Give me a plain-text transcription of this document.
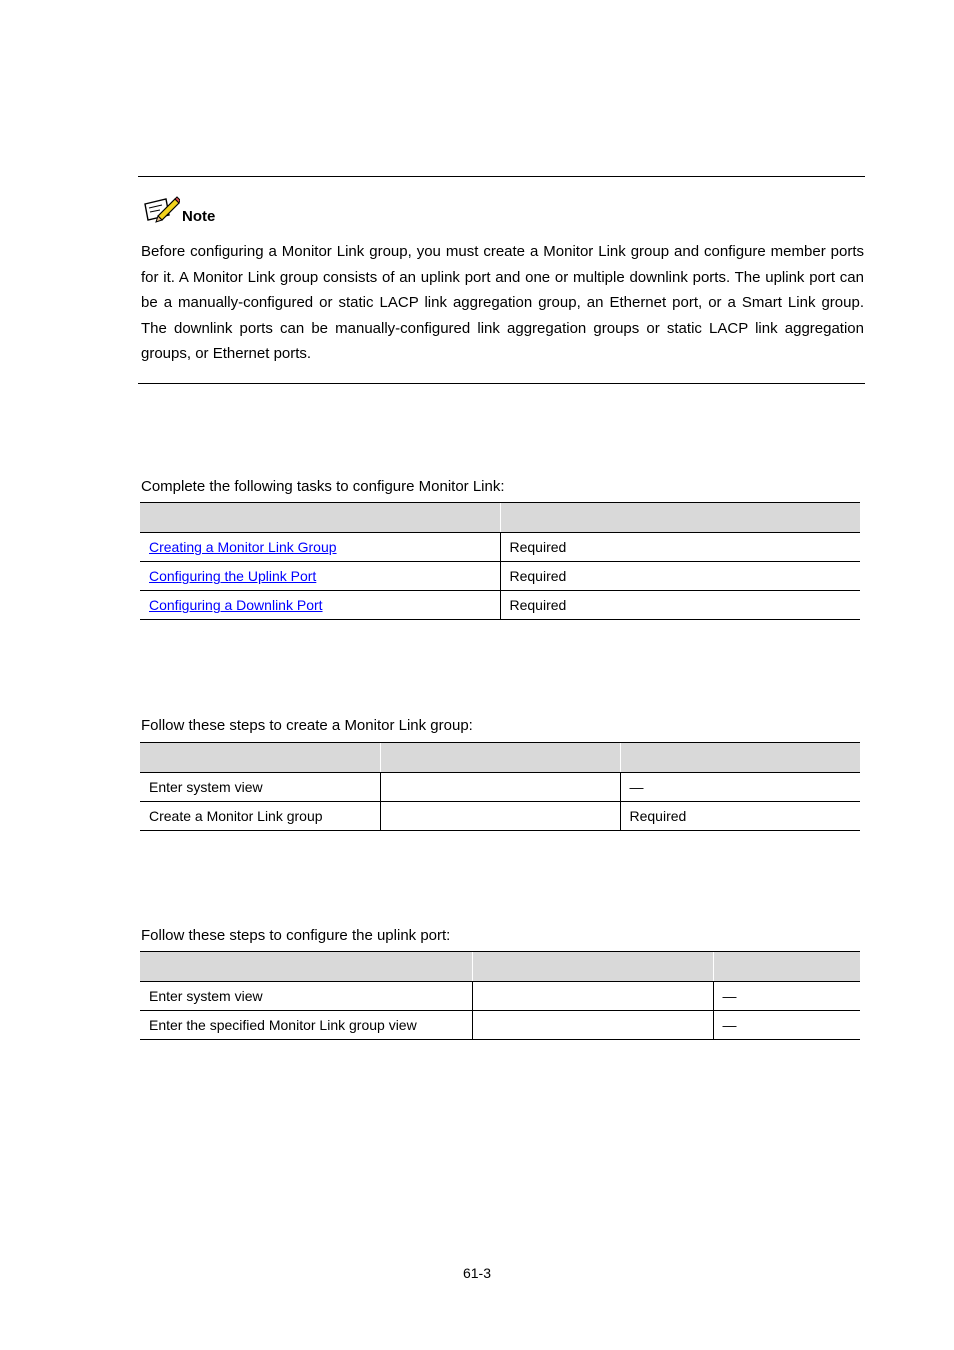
Note

Before configuring a Monitor Link group, you must create a Monitor Link group and configure member ports for it. A Monitor Link group consists of an uplink port and one or multiple downlink ports. The uplink port can be a manually-configured or static LACP link aggregation group, an Ethernet port, or a Smart Link group. The downlink ports can be manually-configured link aggregation groups or static LACP link aggregation groups, or Ethernet ports.

Complete the following tasks to configure Monitor Link:

Creating a Monitor Link Group	Required
Configuring the Uplink Port	Required
Configuring a Downlink Port	Required
Follow these steps to create a Monitor Link group:

Enter system view		—
Create a Monitor Link group		Required
Follow these steps to configure the uplink port:

Enter system view		—
Enter the specified Monitor Link group view		—
61-3
